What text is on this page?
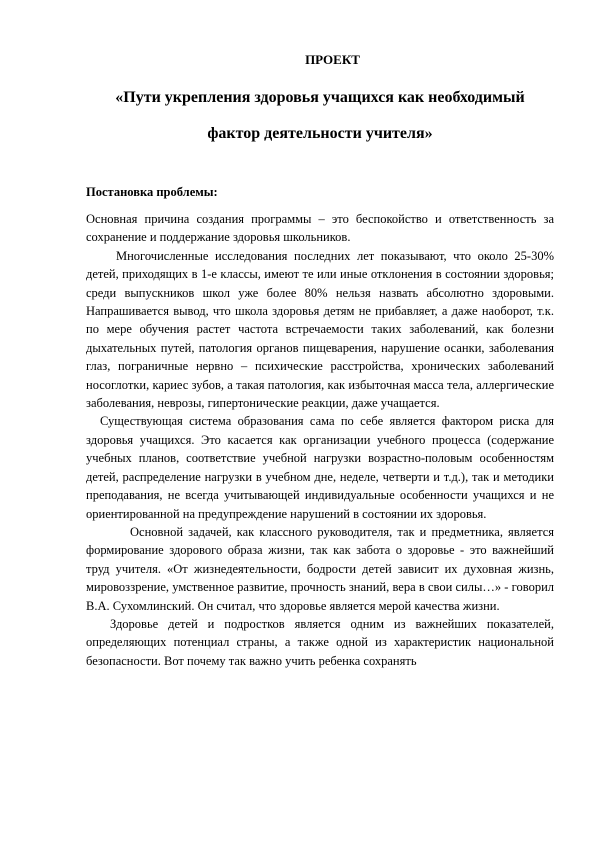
ПРОЕКТ
«Пути укрепления здоровья учащихся как необходимый
фактор деятельности учителя»
Постановка проблемы:

Основная причина создания программы – это беспокойство и ответственность за сохранение и поддержание здоровья школьников.

Многочисленные исследования последних лет показывают, что около 25-30% детей, приходящих в 1-е классы, имеют те или иные отклонения в состоянии здоровья; среди выпускников школ уже более 80% нельзя назвать абсолютно здоровыми. Напрашивается вывод, что школа здоровья детям не прибавляет, а даже наоборот, т.к. по мере обучения растет частота встречаемости таких заболеваний, как болезни дыхательных путей, патология органов пищеварения, нарушение осанки, заболевания глаз, пограничные нервно – психические расстройства, хронических заболеваний носоглотки, кариес зубов, а такая патология, как избыточная масса тела, аллергические заболевания, неврозы, гипертонические реакции, даже учащается.

Существующая система образования сама по себе является фактором риска для здоровья учащихся. Это касается как организации учебного процесса (содержание учебных планов, соответствие учебной нагрузки возрастно-половым особенностям детей, распределение нагрузки в учебном дне, неделе, четверти и т.д.), так и методики преподавания, не всегда учитывающей индивидуальные особенности учащихся и не ориентированной на предупреждение нарушений в состоянии их здоровья.

Основной задачей, как классного руководителя, так и предметника, является формирование здорового образа жизни, так как забота о здоровье - это важнейший труд учителя. «От жизнедеятельности, бодрости детей зависит их духовная жизнь, мировоззрение, умственное развитие, прочность знаний, вера в свои силы…» - говорил В.А. Сухомлинский. Он считал, что здоровье является мерой качества жизни.

Здоровье детей и подростков является одним из важнейших показателей, определяющих потенциал страны, а также одной из характеристик национальной безопасности. Вот почему так важно учить ребенка сохранять
